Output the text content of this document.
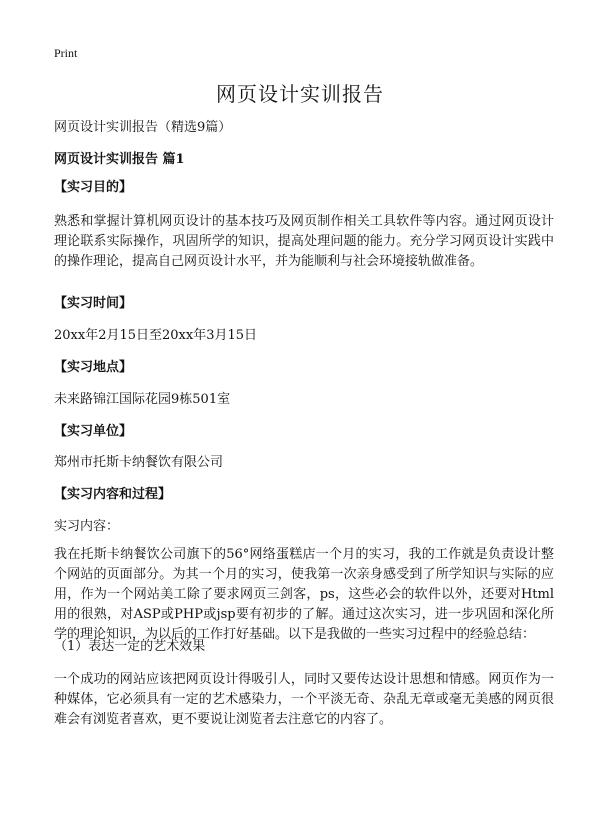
Print
网页设计实训报告
网页设计实训报告（精选9篇）
网页设计实训报告 篇1
【实习目的】
熟悉和掌握计算机网页设计的基本技巧及网页制作相关工具软件等内容。通过网页设计理论联系实际操作，巩固所学的知识，提高处理问题的能力。充分学习网页设计实践中的操作理论，提高自己网页设计水平，并为能顺利与社会环境接轨做准备。
【实习时间】
20xx年2月15日至20xx年3月15日
【实习地点】
未来路锦江国际花园9栋501室
【实习单位】
郑州市托斯卡纳餐饮有限公司
【实习内容和过程】
实习内容：
我在托斯卡纳餐饮公司旗下的56°网络蛋糕店一个月的实习，我的工作就是负责设计整个网站的页面部分。为其一个月的实习，使我第一次亲身感受到了所学知识与实际的应用，作为一个网站美工除了要求网页三剑客，ps，这些必会的软件以外，还要对Html用的很熟，对ASP或PHP或jsp要有初步的了解。通过这次实习，进一步巩固和深化所学的理论知识，为以后的工作打好基础。以下是我做的一些实习过程中的经验总结：
（1）表达一定的艺术效果
一个成功的网站应该把网页设计得吸引人，同时又要传达设计思想和情感。网页作为一种媒体，它必须具有一定的艺术感染力，一个平淡无奇、杂乱无章或毫无美感的网页很难会有浏览者喜欢，更不要说让浏览者去注意它的内容了。
